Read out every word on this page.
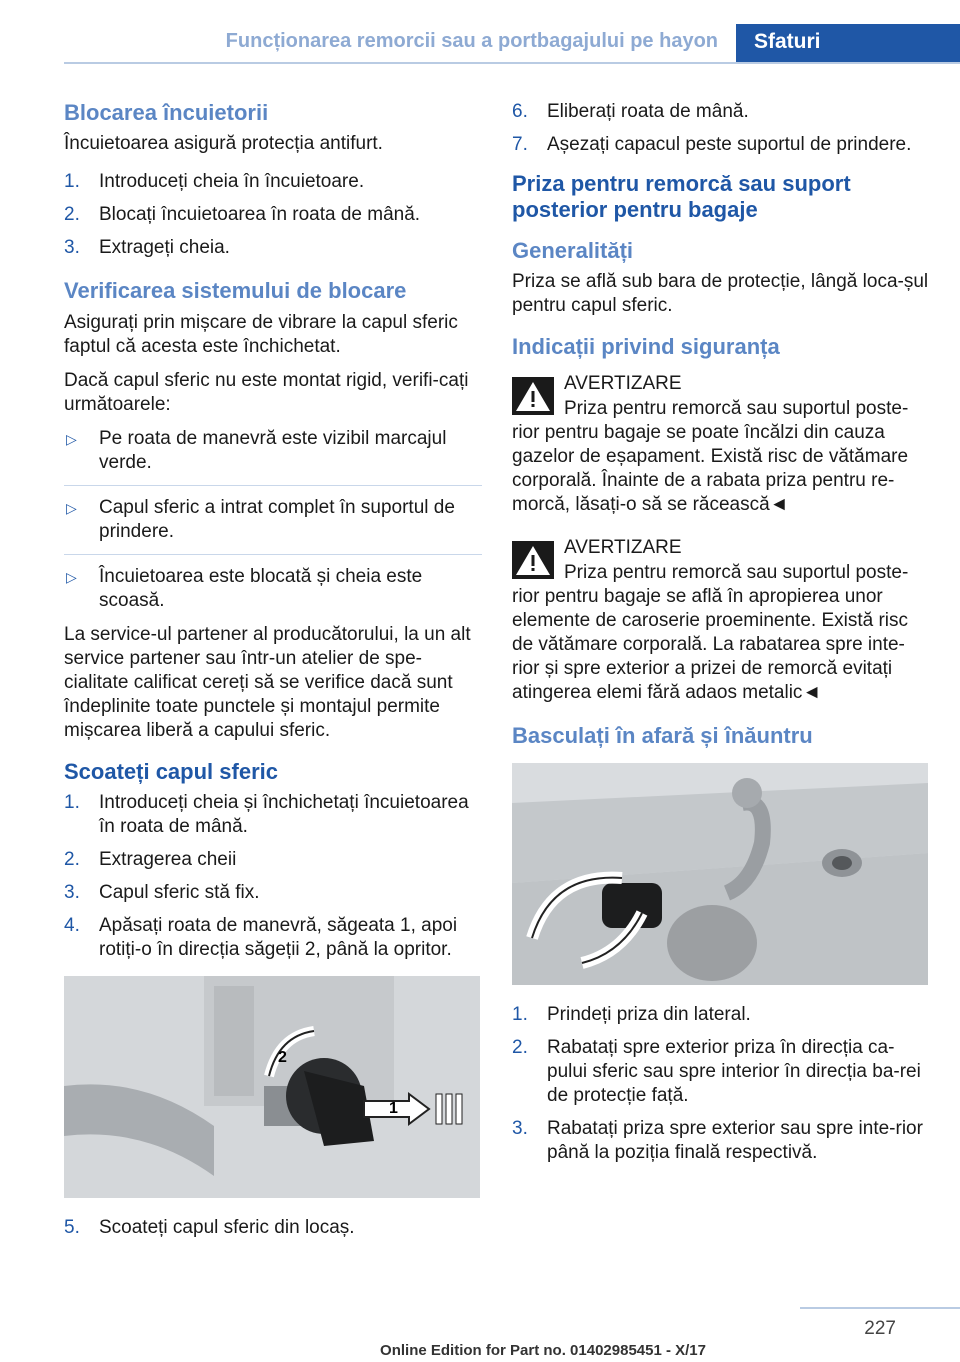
Funcționarea remorcii sau a portbagajului pe hayon	Sfaturi
Blocarea încuietorii

Încuietoarea asigură protecția antifurt.

1. Introduceți cheia în încuietoare.
2. Blocați încuietoarea în roata de mână.
3. Extrageți cheia.
Verificarea sistemului de blocare

Asigurați prin mișcare de vibrare la capul sferic faptul că acesta este închichetat.

Dacă capul sferic nu este montat rigid, verifi‐cați următoarele:

▷ Pe roata de manevră este vizibil marcajul verde.
▷ Capul sferic a intrat complet în suportul de prindere.
▷ Încuietoarea este blocată și cheia este scoasă.

La service-ul partener al producătorului, la un alt service partener sau într-un atelier de spe‐cialitate calificat cereți să se verifice dacă sunt îndeplinite toate punctele și montajul permite mișcarea liberă a capului sferic.

Scoateți capul sferic
1. Introduceți cheia și închichetați încuietoarea în roata de mână.
2. Extragerea cheii
3. Capul sferic stă fix.
4. Apăsați roata de manevră, săgeata 1, apoi rotiți-o în direcția săgeții 2, până la opritor.
1
2
5. Scoateți capul sferic din locaș.
6. Eliberați roata de mână.
7. Așezați capacul peste suportul de prindere.
Priza pentru remorcă sau suport posterior pentru bagaje
Generalități

Priza se află sub bara de protecție, lângă loca‐șul pentru capul sferic.

Indicații privind siguranța
AVERTIZARE
Priza pentru remorcă sau suportul poste‐
rior pentru bagaje se poate încălzi din cauza gazelor de eșapament. Există risc de vătămare corporală. Înainte de a rabata priza pentru re‐morcă, lăsați-o să se răcească◄
AVERTIZARE
Priza pentru remorcă sau suportul poste‐
rior pentru bagaje se află în apropierea unor elemente de caroserie proeminente. Există risc de vătămare corporală. La rabatarea spre inte‐rior și spre exterior a prizei de remorcă evitați atingerea elemi fără adaos metalic◄
Basculați în afară și înăuntru
1. Prindeți priza din lateral.
2. Rabatați spre exterior priza în direcția ca‐pului sferic sau spre interior în direcția ba‐rei de protecție față.
3. Rabatați priza spre exterior sau spre inte‐rior până la poziția finală respectivă.
227
Online Edition for Part no. 01402985451 - X/17
